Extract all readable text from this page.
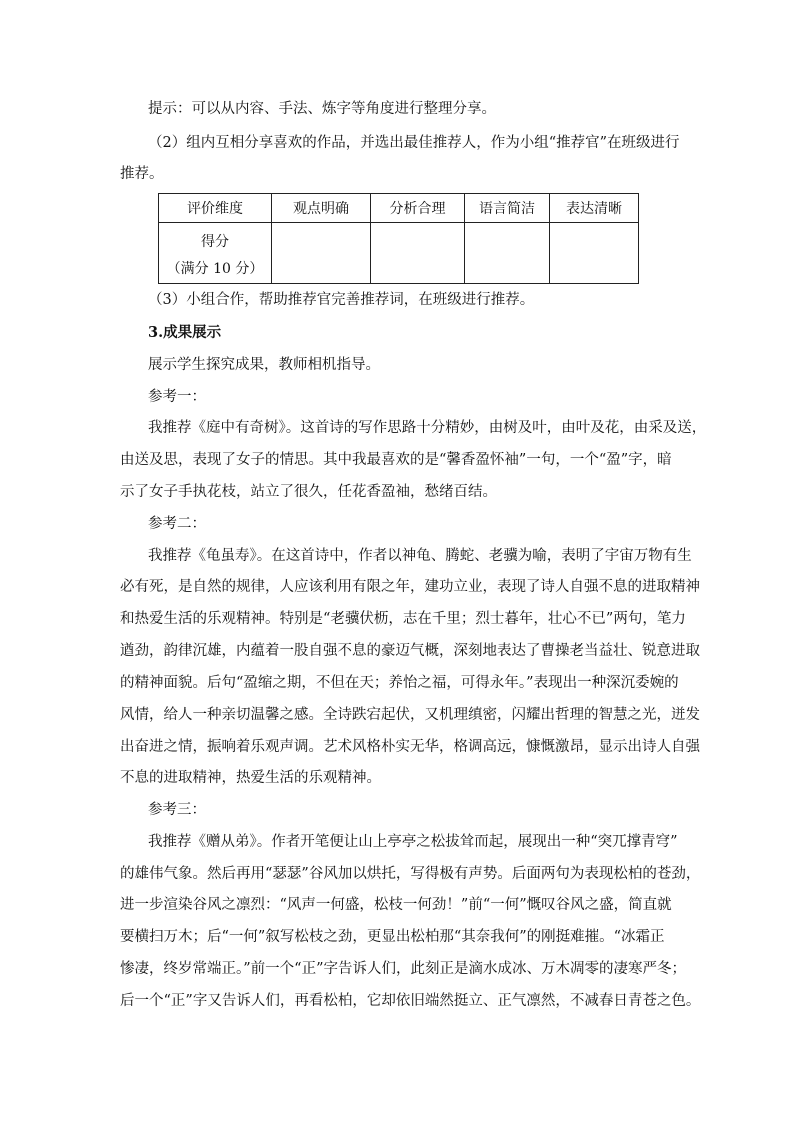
提示：可以从内容、手法、炼字等角度进行整理分享。
（2）组内互相分享喜欢的作品，并选出最佳推荐人，作为小组“推荐官”在班级进行
推荐。
评价维度	观点明确	分析合理	语言简洁	表达清晰

得分
（满分 10 分）				

（3）小组合作，帮助推荐官完善推荐词，在班级进行推荐。
3.成果展示
展示学生探究成果，教师相机指导。
参考一：
我推荐《庭中有奇树》。这首诗的写作思路十分精妙，由树及叶，由叶及花，由采及送，
由送及思，表现了女子的情思。其中我最喜欢的是“馨香盈怀袖”一句，一个“盈”字，暗
示了女子手执花枝，站立了很久，任花香盈袖，愁绪百结。
参考二：
我推荐《龟虽寿》。在这首诗中，作者以神龟、腾蛇、老骥为喻，表明了宇宙万物有生
必有死，是自然的规律，人应该利用有限之年，建功立业，表现了诗人自强不息的进取精神
和热爱生活的乐观精神。特别是“老骥伏枥，志在千里；烈士暮年，壮心不已”两句，笔力
遒劲，韵律沉雄，内蕴着一股自强不息的豪迈气概，深刻地表达了曹操老当益壮、锐意进取
的精神面貌。后句“盈缩之期，不但在天；养怡之福，可得永年。”表现出一种深沉委婉的
风情，给人一种亲切温馨之感。全诗跌宕起伏，又机理缜密，闪耀出哲理的智慧之光，迸发
出奋进之情，振响着乐观声调。艺术风格朴实无华，格调高远，慷慨激昂，显示出诗人自强
不息的进取精神，热爱生活的乐观精神。
参考三：
我推荐《赠从弟》。作者开笔便让山上亭亭之松拔耸而起，展现出一种“突兀撑青穹”
的雄伟气象。然后再用“瑟瑟”谷风加以烘托，写得极有声势。后面两句为表现松柏的苍劲，
进一步渲染谷风之凛烈：“风声一何盛，松枝一何劲！”前“一何”慨叹谷风之盛，简直就
要横扫万木；后“一何”叙写松枝之劲，更显出松柏那“其奈我何”的刚挺难摧。“冰霜正
惨凄，终岁常端正。”前一个“正”字告诉人们，此刻正是滴水成冰、万木凋零的凄寒严冬；
后一个“正”字又告诉人们，再看松柏，它却依旧端然挺立、正气凛然，不减春日青苍之色。
